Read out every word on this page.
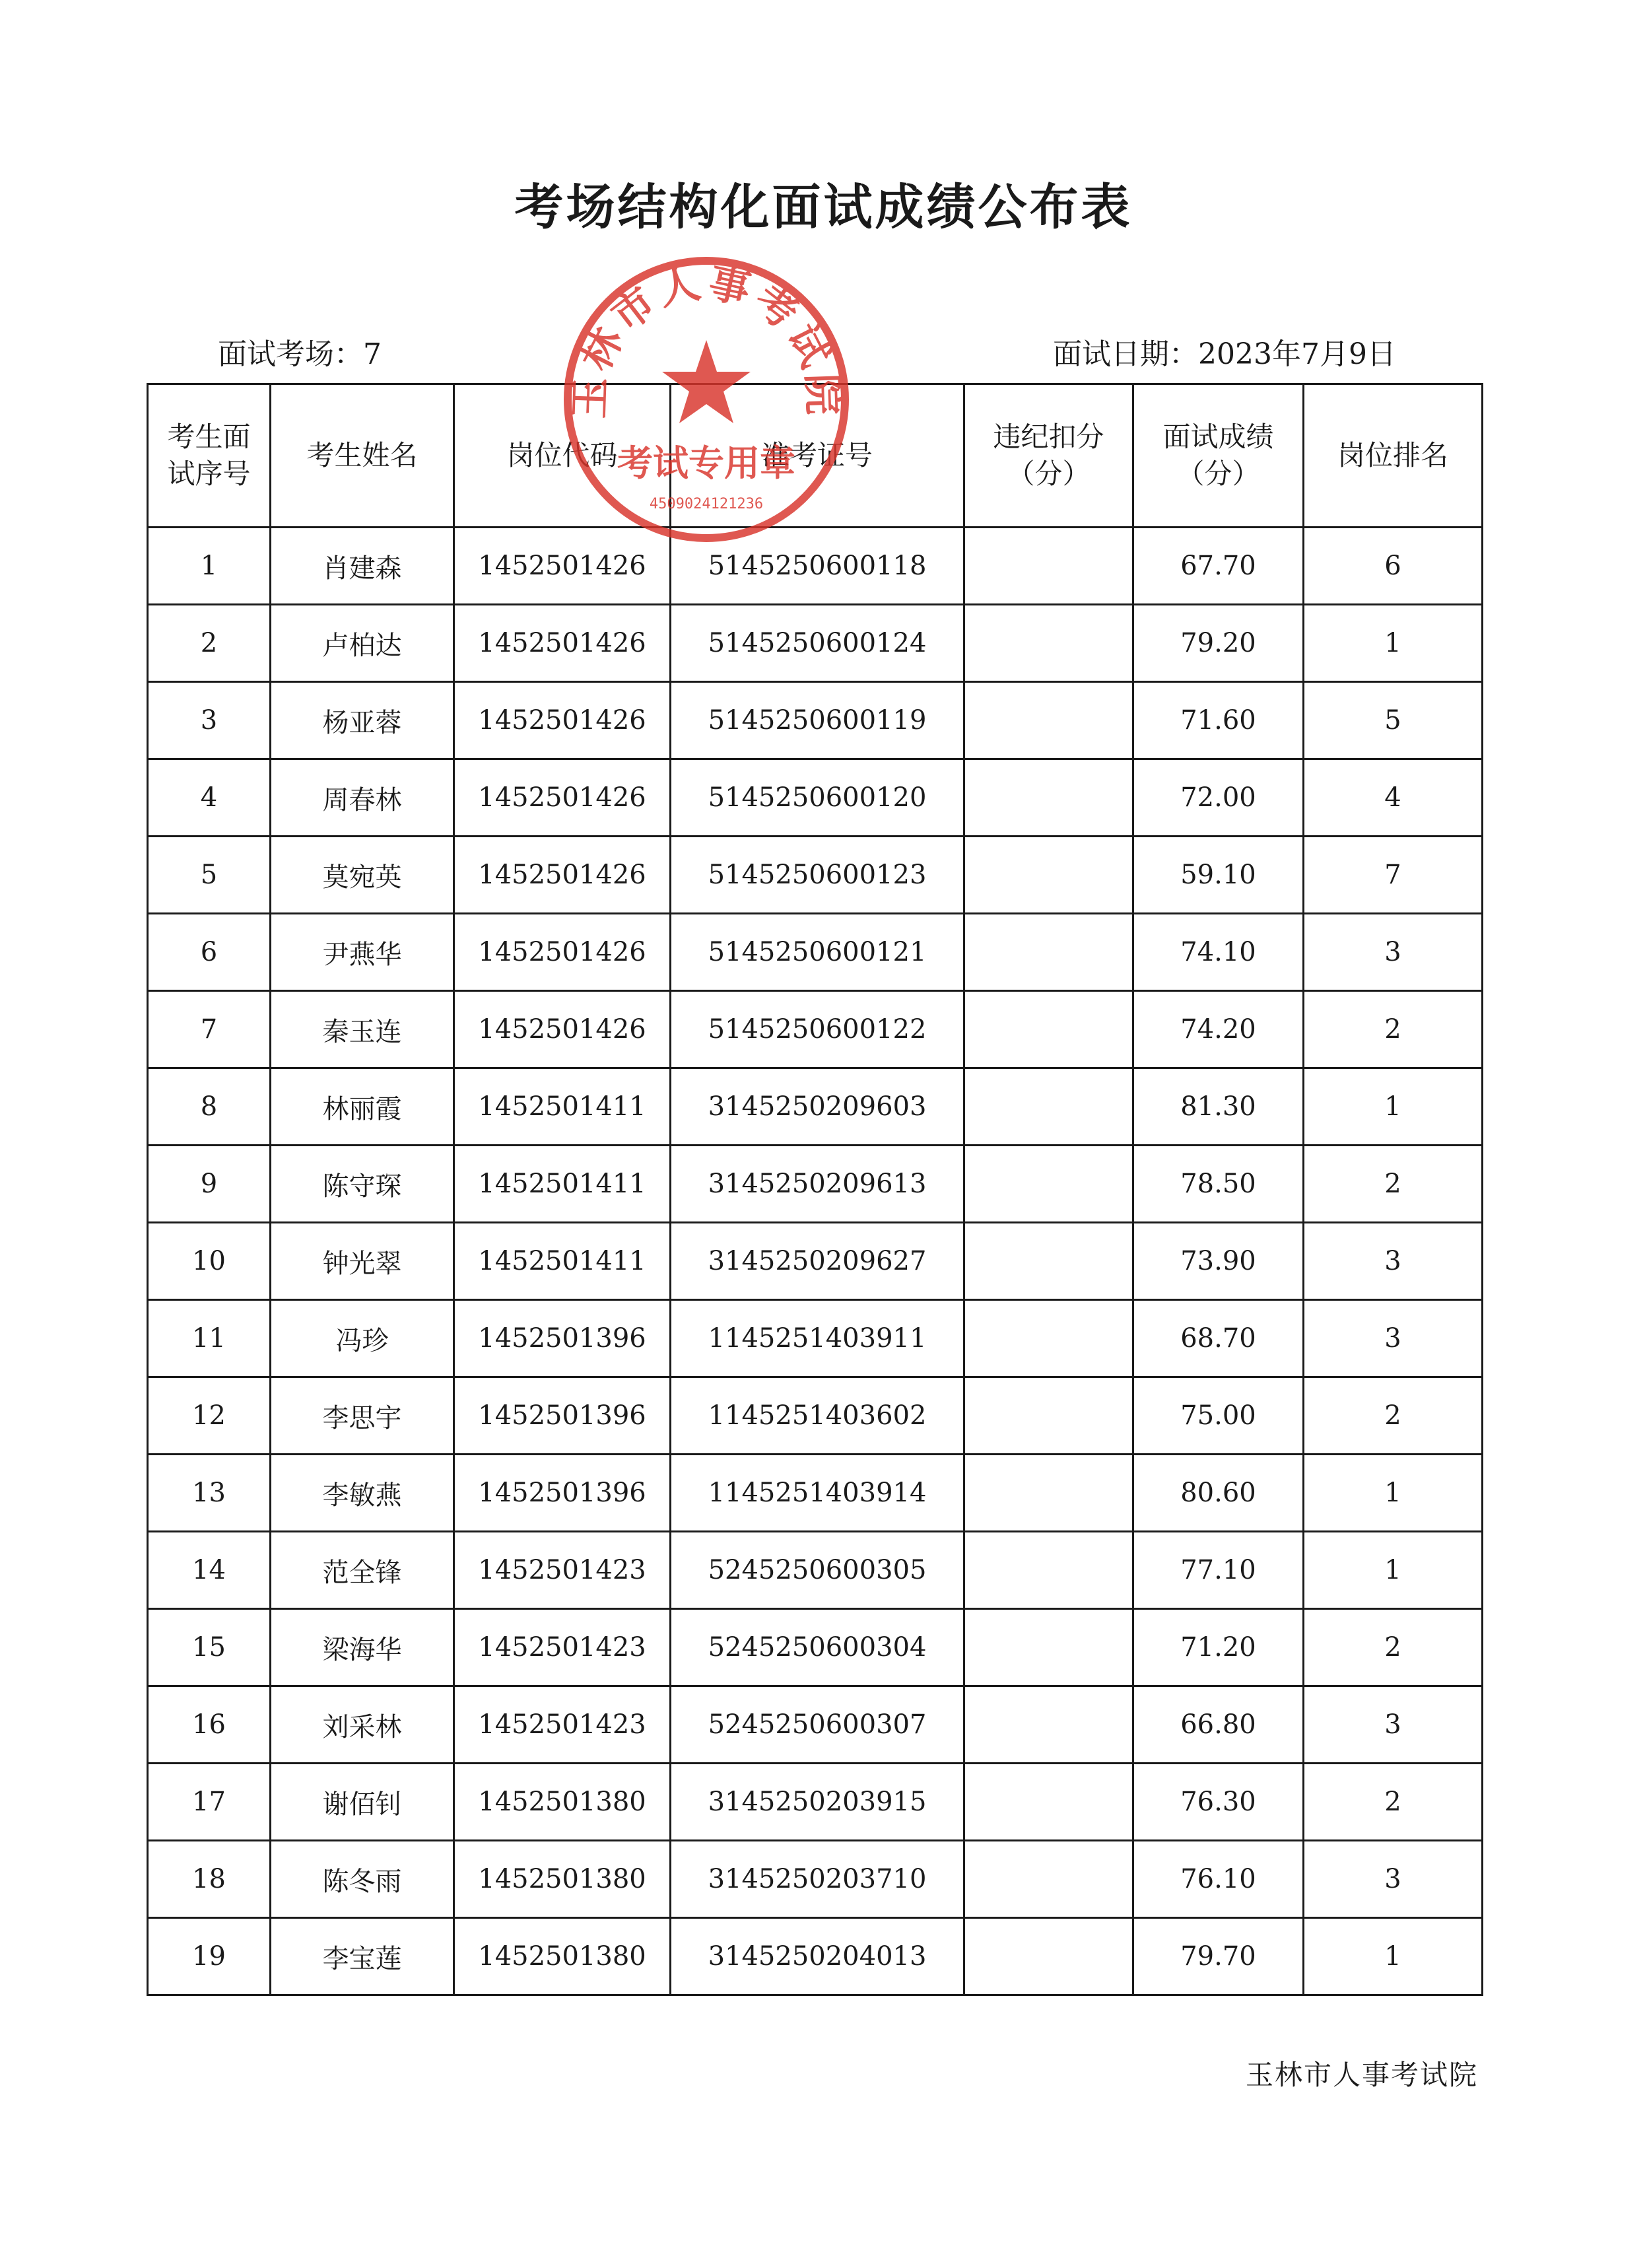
考场结构化面试成绩公布表
面试考场：7	面试日期：2023年7月9日
考生面试序号	考生姓名	岗位代码	准考证号	违纪扣分（分）	面试成绩（分）	岗位排名
1	肖建森	1452501426	5145250600118		67.70	6
2	卢柏达	1452501426	5145250600124		79.20	1
3	杨亚蓉	1452501426	5145250600119		71.60	5
4	周春林	1452501426	5145250600120		72.00	4
5	莫宛英	1452501426	5145250600123		59.10	7
6	尹燕华	1452501426	5145250600121		74.10	3
7	秦玉连	1452501426	5145250600122		74.20	2
8	林丽霞	1452501411	3145250209603		81.30	1
9	陈守琛	1452501411	3145250209613		78.50	2
10	钟光翠	1452501411	3145250209627		73.90	3
11	冯珍	1452501396	1145251403911		68.70	3
12	李思宇	1452501396	1145251403602		75.00	2
13	李敏燕	1452501396	1145251403914		80.60	1
14	范全锋	1452501423	5245250600305		77.10	1
15	梁海华	1452501423	5245250600304		71.20	2
16	刘采林	1452501423	5245250600307		66.80	3
17	谢佰钊	1452501380	3145250203915		76.30	2
18	陈冬雨	1452501380	3145250203710		76.10	3
19	李宝莲	1452501380	3145250204013		79.70	1
玉林市人事考试院
玉林市人事考试院
考试专用章
4509024121236
